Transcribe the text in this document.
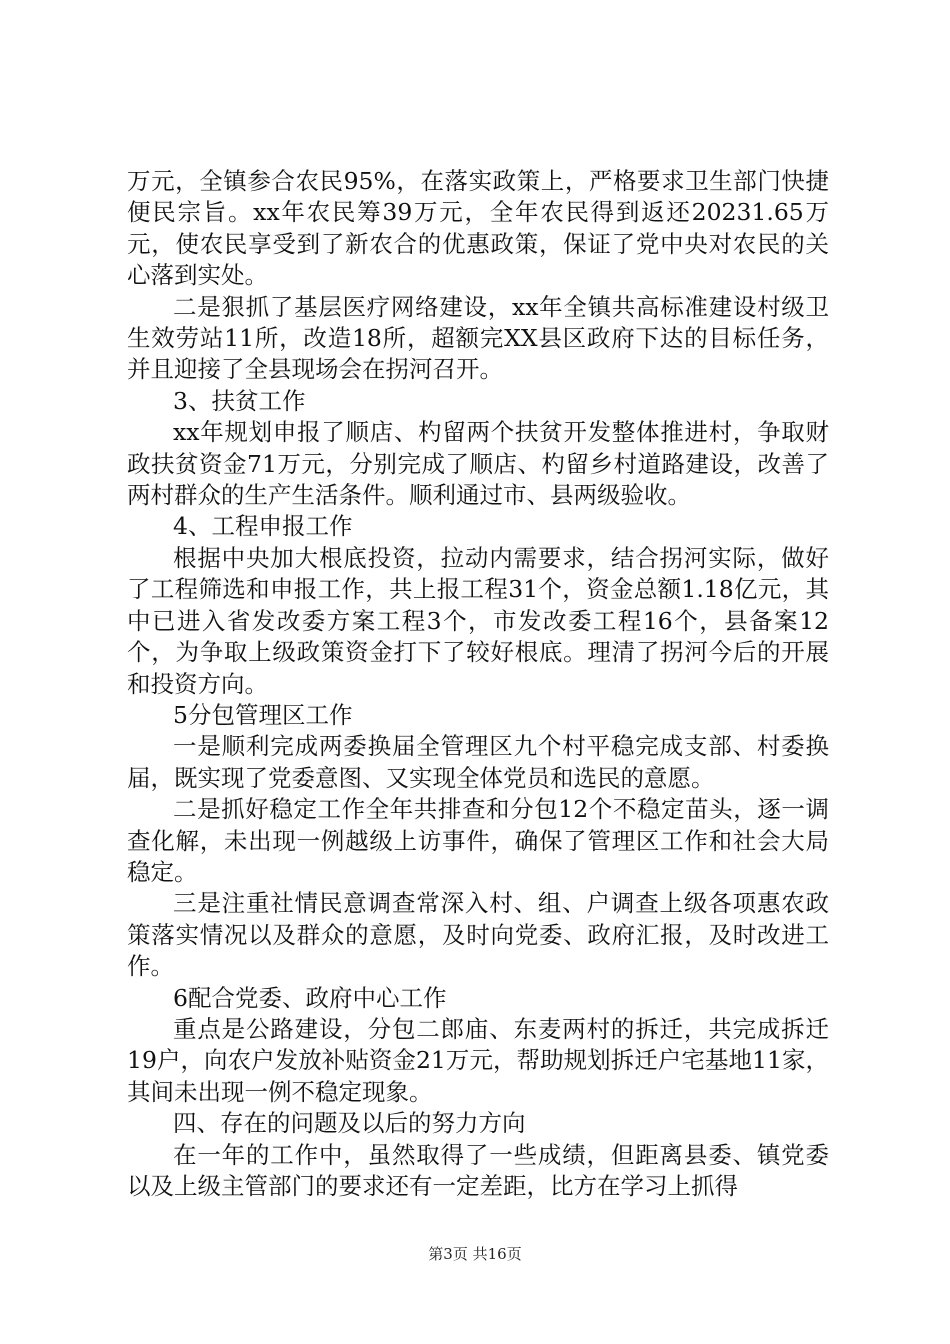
万元，全镇参合农民95%，在落实政策上，严格要求卫生部门快捷便民宗旨。xx年农民筹39万元，全年农民得到返还20231.65万元，使农民享受到了新农合的优惠政策，保证了党中央对农民的关心落到实处。

二是狠抓了基层医疗网络建设，xx年全镇共高标准建设村级卫生效劳站11所，改造18所，超额完XX县区政府下达的目标任务，并且迎接了全县现场会在拐河召开。

3、扶贫工作

xx年规划申报了顺店、杓留两个扶贫开发整体推进村，争取财政扶贫资金71万元，分别完成了顺店、杓留乡村道路建设，改善了两村群众的生产生活条件。顺利通过市、县两级验收。

4、工程申报工作

根据中央加大根底投资，拉动内需要求，结合拐河实际，做好了工程筛选和申报工作，共上报工程31个，资金总额1.18亿元，其中已进入省发改委方案工程3个，市发改委工程16个，县备案12个，为争取上级政策资金打下了较好根底。理清了拐河今后的开展和投资方向。

5分包管理区工作

一是顺利完成两委换届全管理区九个村平稳完成支部、村委换届，既实现了党委意图、又实现全体党员和选民的意愿。

二是抓好稳定工作全年共排查和分包12个不稳定苗头，逐一调查化解，未出现一例越级上访事件，确保了管理区工作和社会大局稳定。

三是注重社情民意调查常深入村、组、户调查上级各项惠农政策落实情况以及群众的意愿，及时向党委、政府汇报，及时改进工作。

6配合党委、政府中心工作

重点是公路建设，分包二郎庙、东麦两村的拆迁，共完成拆迁19户，向农户发放补贴资金21万元，帮助规划拆迁户宅基地11家，其间未出现一例不稳定现象。

四、存在的问题及以后的努力方向

在一年的工作中，虽然取得了一些成绩，但距离县委、镇党委以及上级主管部门的要求还有一定差距，比方在学习上抓得

第3页 共16页
